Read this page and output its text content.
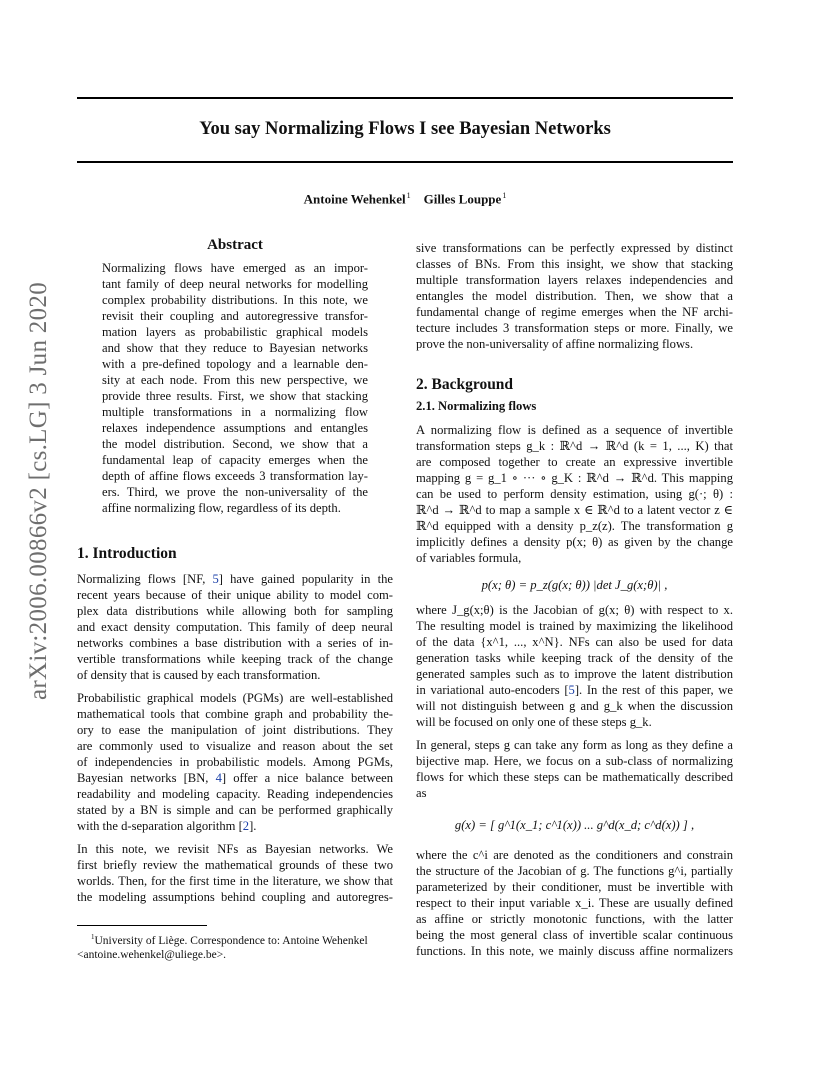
You say Normalizing Flows I see Bayesian Networks
Antoine Wehenkel$^1$ Gilles Louppe$^1$
arXiv:2006.00866v2 [cs.LG] 3 Jun 2020
Abstract
Normalizing flows have emerged as an impor-
tant family of deep neural networks for modelling
complex probability distributions. In this note, we
revisit their coupling and autoregressive transfor-
mation layers as probabilistic graphical models
and show that they reduce to Bayesian networks
with a pre-defined topology and a learnable den-
sity at each node. From this new perspective, we
provide three results. First, we show that stacking
multiple transformations in a normalizing flow
relaxes independence assumptions and entangles
the model distribution. Second, we show that a
fundamental leap of capacity emerges when the
depth of affine flows exceeds 3 transformation lay-
ers. Third, we prove the non-universality of the
affine normalizing flow, regardless of its depth.
1. Introduction
Normalizing flows [NF, 5] have gained popularity in the
recent years because of their unique ability to model com-
plex data distributions while allowing both for sampling
and exact density computation. This family of deep neural
networks combines a base distribution with a series of in-
vertible transformations while keeping track of the change
of density that is caused by each transformation.
Probabilistic graphical models (PGMs) are well-established
mathematical tools that combine graph and probability the-
ory to ease the manipulation of joint distributions. They
are commonly used to visualize and reason about the set
of independencies in probabilistic models. Among PGMs,
Bayesian networks [BN, 4] offer a nice balance between
readability and modeling capacity. Reading independencies
stated by a BN is simple and can be performed graphically
with the d-separation algorithm [2].
In this note, we revisit NFs as Bayesian networks. We
first briefly review the mathematical grounds of these two
worlds. Then, for the first time in the literature, we show that
the modeling assumptions behind coupling and autoregres-
$^1$University of Liège. Correspondence to: Antoine Wehenkel
<antoine.wehenkel@uliege.be>.
sive transformations can be perfectly expressed by distinct
classes of BNs. From this insight, we show that stacking
multiple transformation layers relaxes independencies and
entangles the model distribution. Then, we show that a
fundamental change of regime emerges when the NF archi-
tecture includes 3 transformation steps or more. Finally, we
prove the non-universality of affine normalizing flows.
2. Background
2.1. Normalizing flows
A normalizing flow is defined as a sequence of invertible
transformation steps g_k : ℝ^d → ℝ^d (k = 1, ..., K) that
are composed together to create an expressive invertible
mapping g = g_1 ∘ ··· ∘ g_K : ℝ^d → ℝ^d. This mapping
can be used to perform density estimation, using g(·; θ) :
ℝ^d → ℝ^d to map a sample x ∈ ℝ^d to a latent vector z ∈
ℝ^d equipped with a density p_z(z). The transformation g
implicitly defines a density p(x; θ) as given by the change
of variables formula,
p(x; θ) = p_z(g(x; θ)) |det J_g(x;θ)| ,
where J_g(x;θ) is the Jacobian of g(x; θ) with respect to x.
The resulting model is trained by maximizing the likelihood
of the data {x^1, ..., x^N}. NFs can also be used for data
generation tasks while keeping track of the density of the
generated samples such as to improve the latent distribution
in variational auto-encoders [5]. In the rest of this paper, we
will not distinguish between g and g_k when the discussion
will be focused on only one of these steps g_k.
In general, steps g can take any form as long as they define a
bijective map. Here, we focus on a sub-class of normalizing
flows for which these steps can be mathematically described
as
g(x) = [ g^1(x_1; c^1(x)) ... g^d(x_d; c^d(x)) ] ,
where the c^i are denoted as the conditioners and constrain
the structure of the Jacobian of g. The functions g^i, partially
parameterized by their conditioner, must be invertible with
respect to their input variable x_i. These are usually defined
as affine or strictly monotonic functions, with the latter
being the most general class of invertible scalar continuous
functions. In this note, we mainly discuss affine normalizers
